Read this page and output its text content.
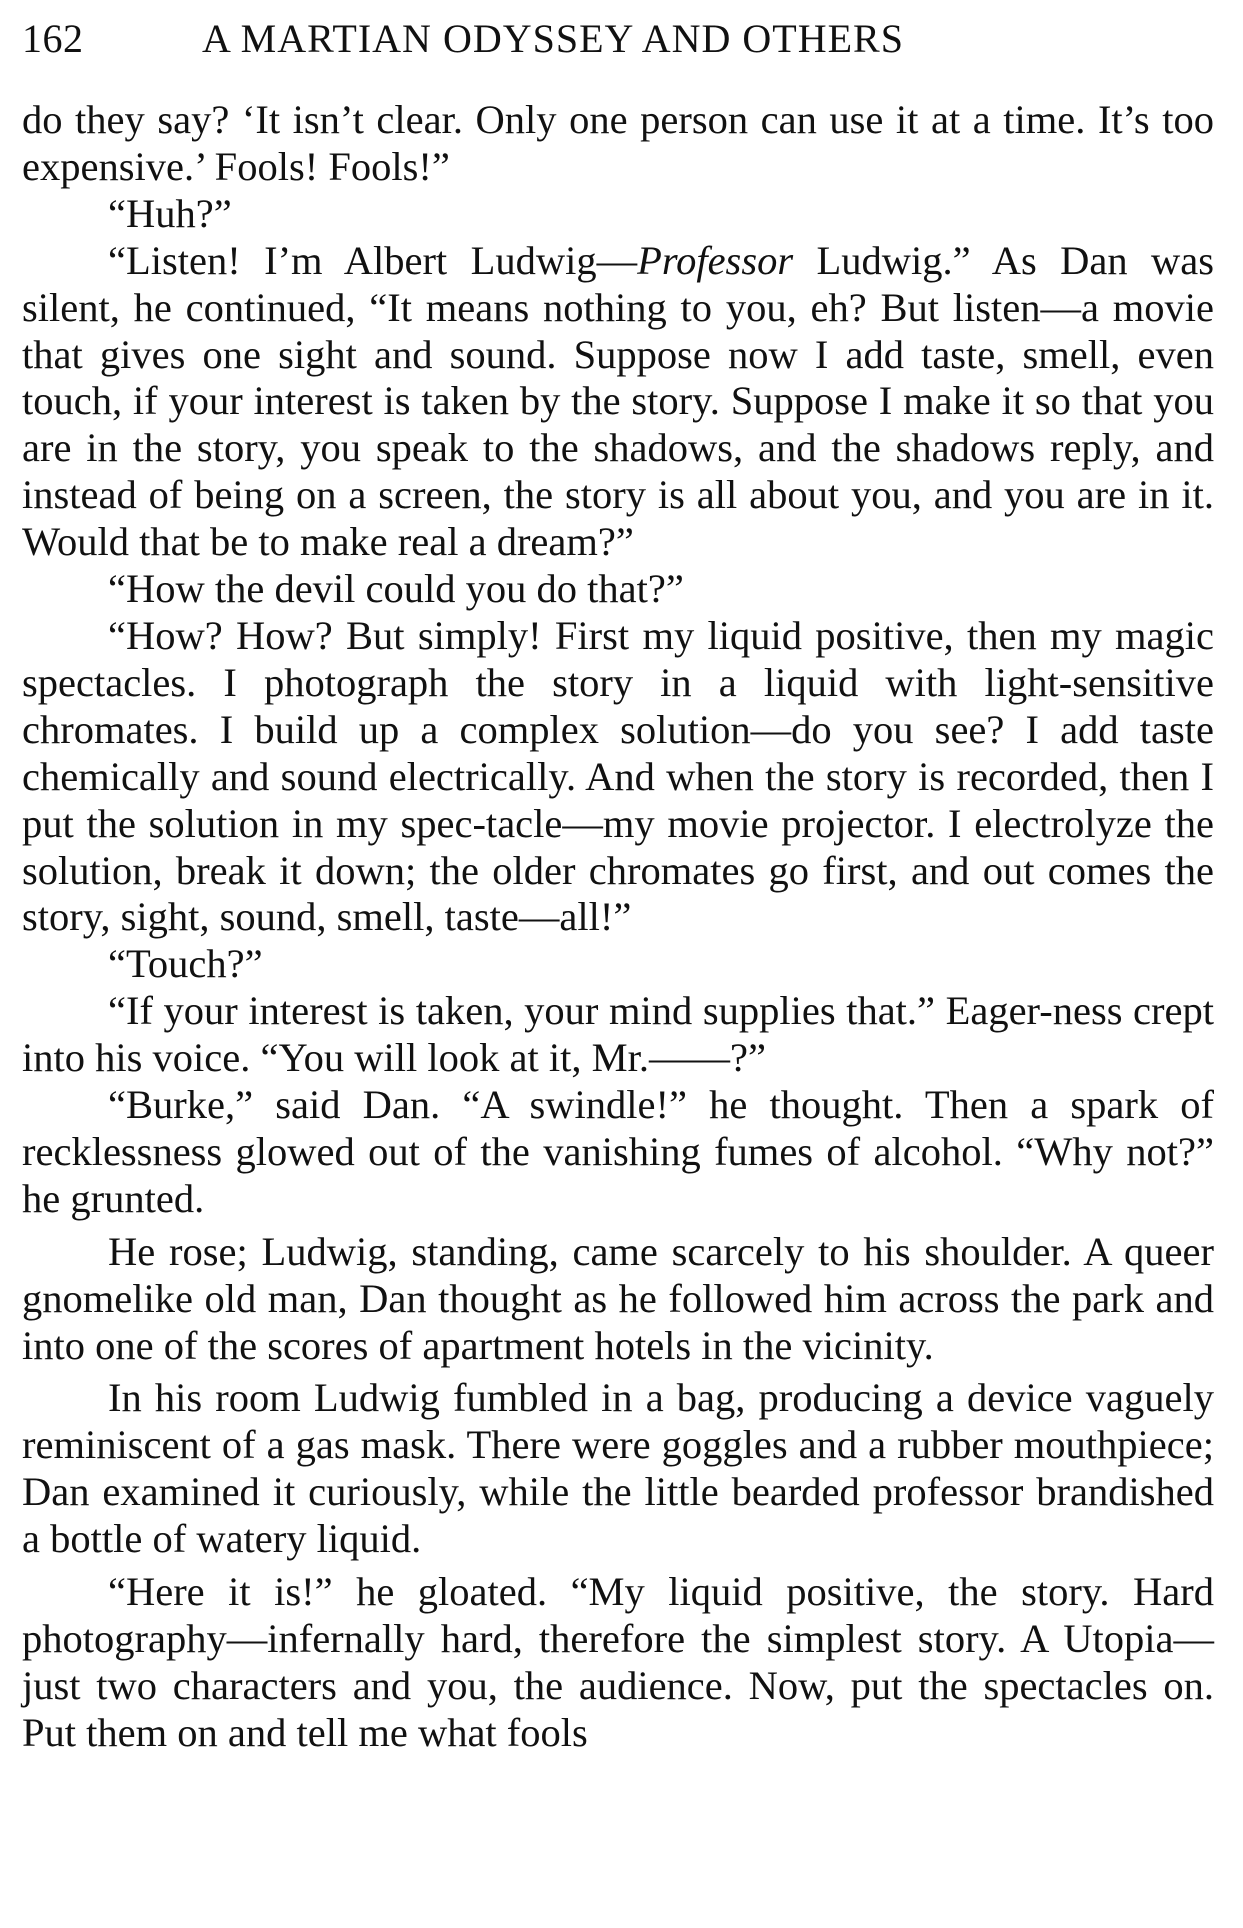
162	A MARTIAN ODYSSEY AND OTHERS

do they say? ‘It isn’t clear. Only one person can use it at a time. It’s too expensive.’ Fools! Fools!”

“Huh?”

“Listen! I’m Albert Ludwig—Professor Ludwig.” As Dan was silent, he continued, “It means nothing to you, eh? But listen—a movie that gives one sight and sound. Suppose now I add taste, smell, even touch, if your interest is taken by the story. Suppose I make it so that you are in the story, you speak to the shadows, and the shadows reply, and instead of being on a screen, the story is all about you, and you are in it. Would that be to make real a dream?”

“How the devil could you do that?”

“How? How? But simply! First my liquid positive, then my magic spectacles. I photograph the story in a liquid with light-sensitive chromates. I build up a complex solution—do you see? I add taste chemically and sound electrically. And when the story is recorded, then I put the solution in my spec-tacle—my movie projector. I electrolyze the solution, break it down; the older chromates go first, and out comes the story, sight, sound, smell, taste—all!”

“Touch?”

“If your interest is taken, your mind supplies that.” Eager-ness crept into his voice. “You will look at it, Mr.——?”

“Burke,” said Dan. “A swindle!” he thought. Then a spark of recklessness glowed out of the vanishing fumes of alcohol. “Why not?” he grunted.

He rose; Ludwig, standing, came scarcely to his shoulder. A queer gnomelike old man, Dan thought as he followed him across the park and into one of the scores of apartment hotels in the vicinity.

In his room Ludwig fumbled in a bag, producing a device vaguely reminiscent of a gas mask. There were goggles and a rubber mouthpiece; Dan examined it curiously, while the little bearded professor brandished a bottle of watery liquid.

“Here it is!” he gloated. “My liquid positive, the story. Hard photography—infernally hard, therefore the simplest story. A Utopia—just two characters and you, the audience. Now, put the spectacles on. Put them on and tell me what fools
